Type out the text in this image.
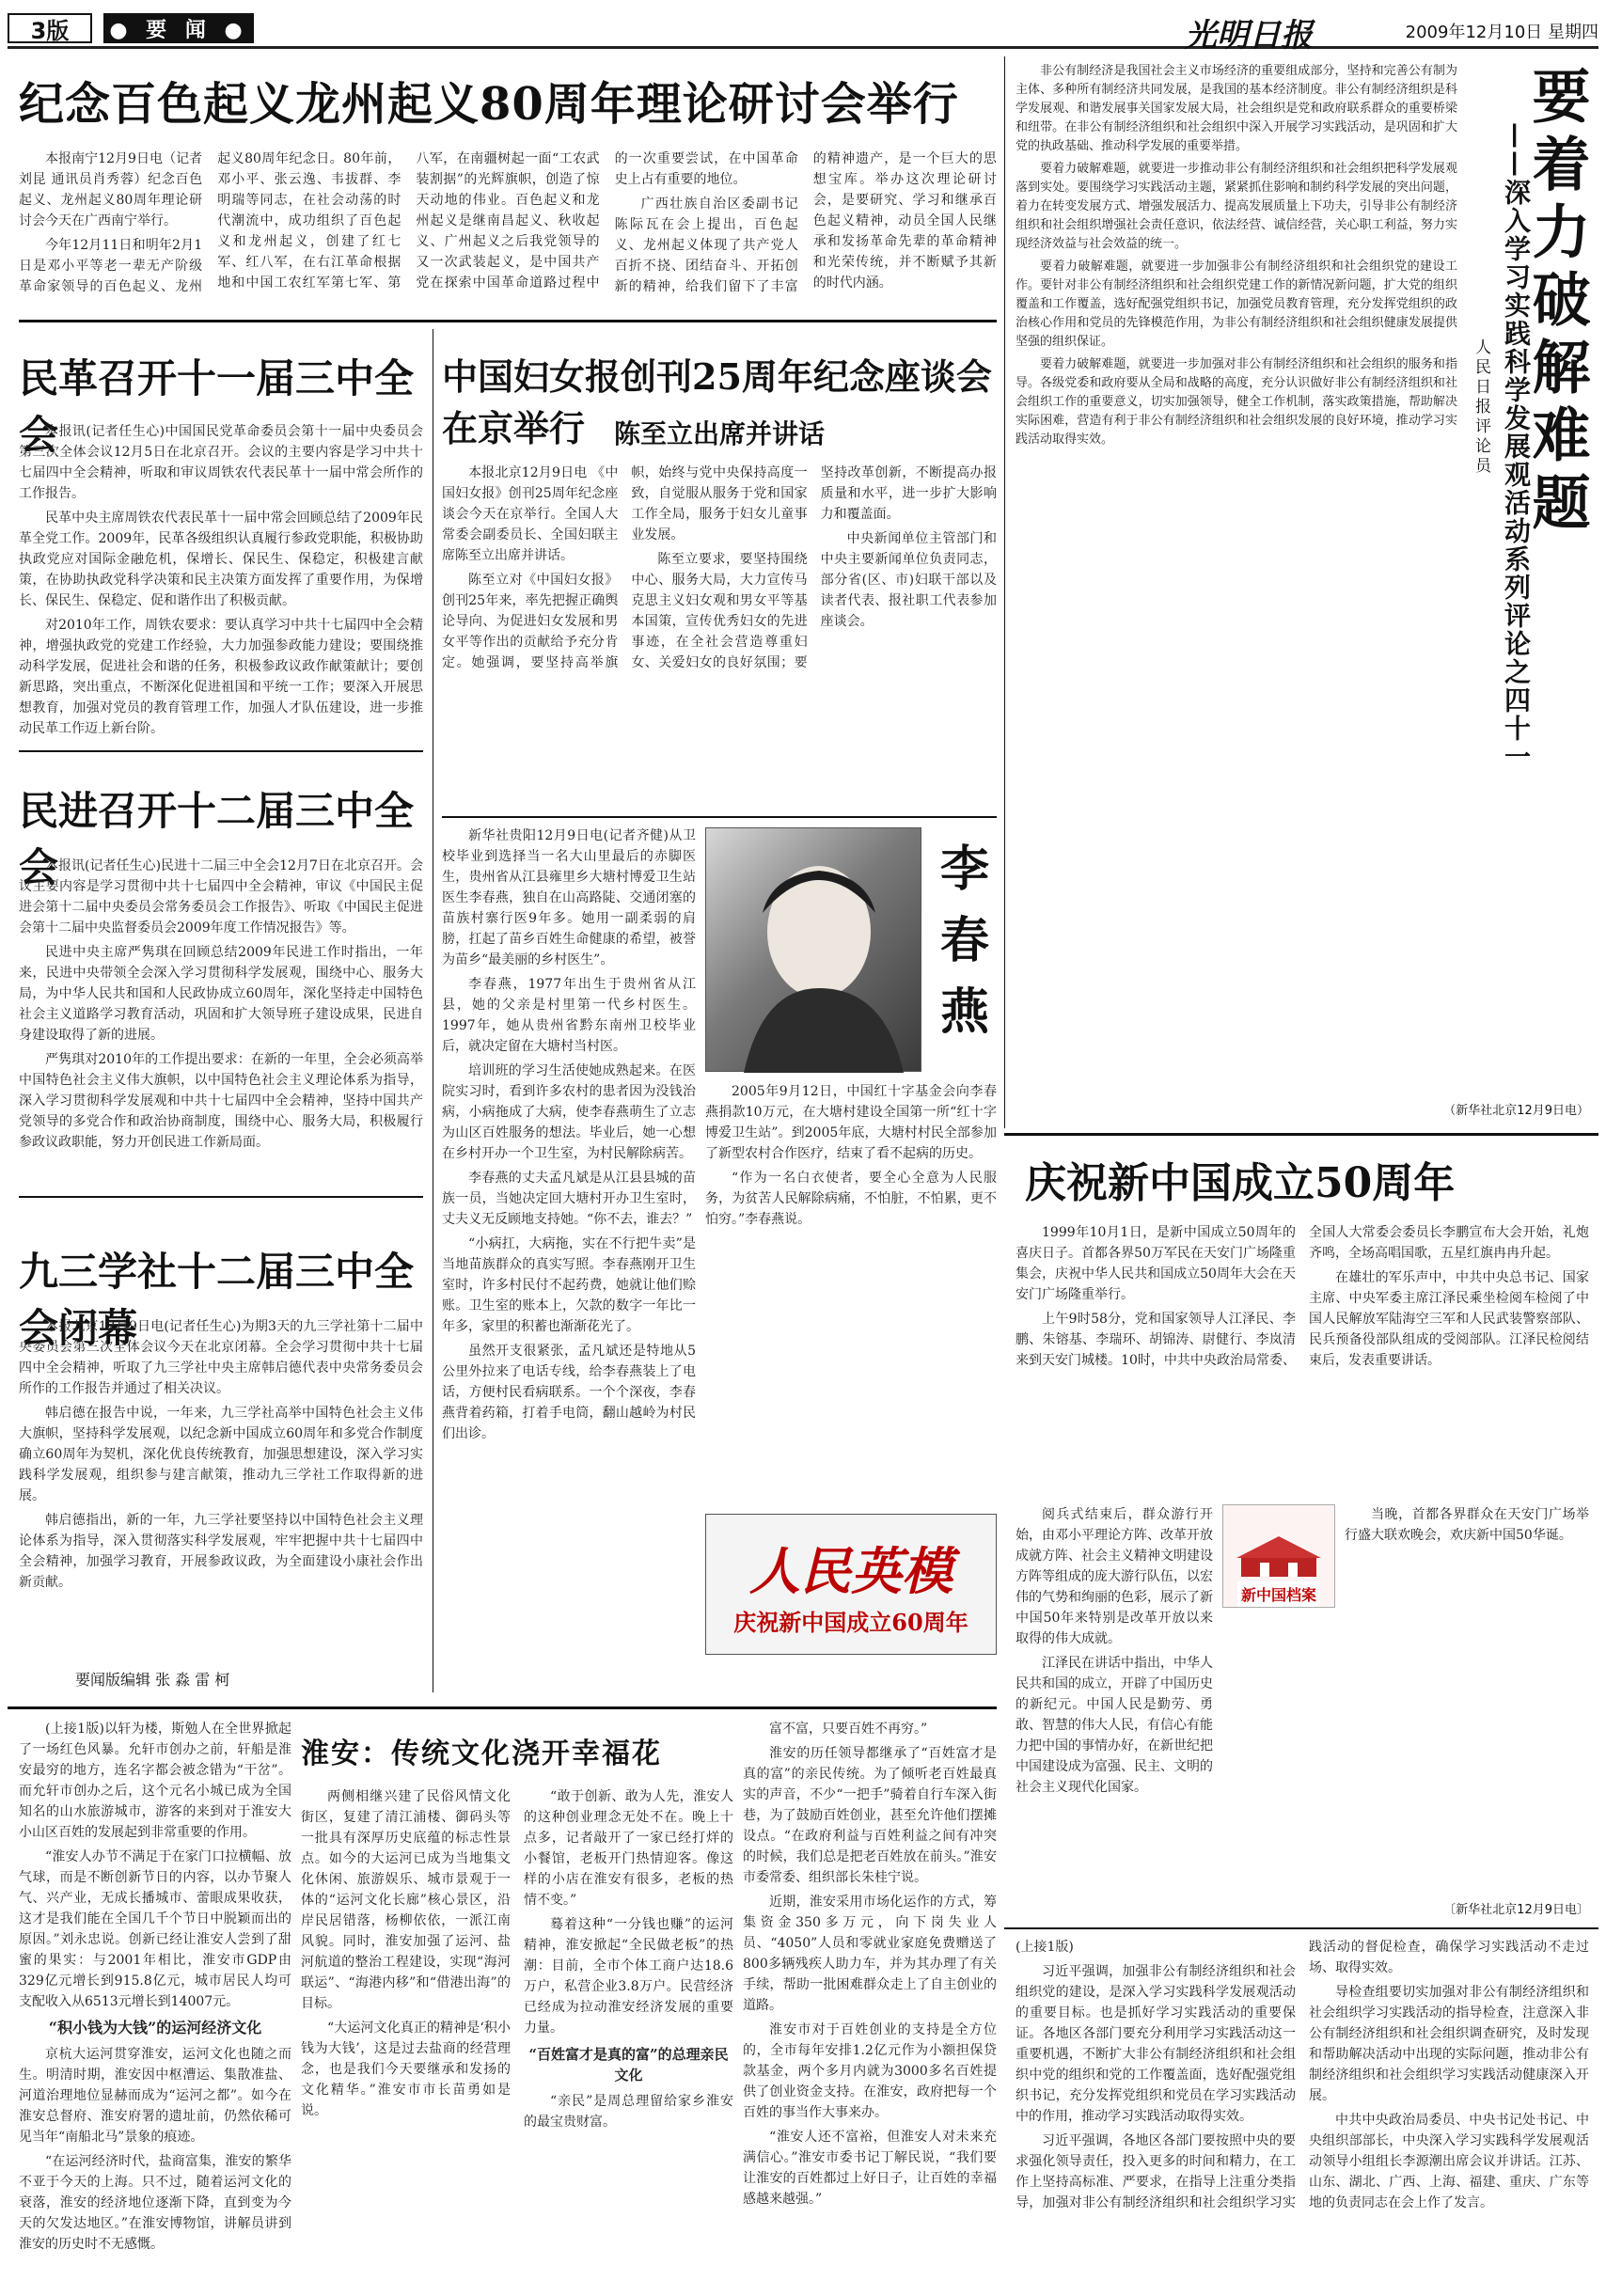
3版	● 要 闻 ●	光明日报	2009年12月10日 星期四
纪念百色起义龙州起义80周年理论研讨会举行

本报南宁12月9日电（记者刘昆 通讯员肖秀蓉）纪念百色起义、龙州起义80周年理论研讨会今天在广西南宁举行。

今年12月11日和明年2月1日是邓小平等老一辈无产阶级革命家领导的百色起义、龙州起义80周年纪念日。80年前，邓小平、张云逸、韦拔群、李明瑞等同志，在社会动荡的时代潮流中，成功组织了百色起义和龙州起义，创建了红七军、红八军，在右江革命根据地和中国工农红军第七军、第八军，在南疆树起一面“工农武装割据”的光辉旗帜，创造了惊天动地的伟业。百色起义和龙州起义是继南昌起义、秋收起义、广州起义之后我党领导的又一次武装起义，是中国共产党在探索中国革命道路过程中的一次重要尝试，在中国革命史上占有重要的地位。

广西壮族自治区委副书记陈际瓦在会上提出，百色起义、龙州起义体现了共产党人百折不挠、团结奋斗、开拓创新的精神，给我们留下了丰富的精神遗产，是一个巨大的思想宝库。举办这次理论研讨会，是要研究、学习和继承百色起义精神，动员全国人民继承和发扬革命先辈的革命精神和光荣传统，并不断赋予其新的时代内涵。

民革召开十一届三中全会

本报讯(记者任生心)中国国民党革命委员会第十一届中央委员会第三次全体会议12月5日在北京召开。会议的主要内容是学习中共十七届四中全会精神，听取和审议周铁农代表民革十一届中常会所作的工作报告。

民革中央主席周铁农代表民革十一届中常会回顾总结了2009年民革全党工作。2009年，民革各级组织认真履行参政党职能，积极协助执政党应对国际金融危机，保增长、保民生、保稳定，积极建言献策，在协助执政党科学决策和民主决策方面发挥了重要作用，为保增长、保民生、保稳定、促和谐作出了积极贡献。

对2010年工作，周铁农要求：要认真学习中共十七届四中全会精神，增强执政党的党建工作经验，大力加强参政能力建设；要围绕推动科学发展，促进社会和谐的任务，积极参政议政作献策献计；要创新思路，突出重点，不断深化促进祖国和平统一工作；要深入开展思想教育，加强对党员的教育管理工作，加强人才队伍建设，进一步推动民革工作迈上新台阶。

民进召开十二届三中全会

本报讯(记者任生心)民进十二届三中全会12月7日在北京召开。会议主要内容是学习贯彻中共十七届四中全会精神，审议《中国民主促进会第十二届中央委员会常务委员会工作报告》、听取《中国民主促进会第十二届中央监督委员会2009年度工作情况报告》等。

民进中央主席严隽琪在回顾总结2009年民进工作时指出，一年来，民进中央带领全会深入学习贯彻科学发展观，围绕中心、服务大局，为中华人民共和国和人民政协成立60周年，深化坚持走中国特色社会主义道路学习教育活动，巩固和扩大领导班子建设成果，民进自身建设取得了新的进展。

严隽琪对2010年的工作提出要求：在新的一年里，全会必须高举中国特色社会主义伟大旗帜，以中国特色社会主义理论体系为指导，深入学习贯彻科学发展观和中共十七届四中全会精神，坚持中国共产党领导的多党合作和政治协商制度，围绕中心、服务大局，积极履行参政议政职能，努力开创民进工作新局面。

九三学社十二届三中全会闭幕

本报北京12月9日电(记者任生心)为期3天的九三学社第十二届中央委员会第三次全体会议今天在北京闭幕。全会学习贯彻中共十七届四中全会精神，听取了九三学社中央主席韩启德代表中央常务委员会所作的工作报告并通过了相关决议。

韩启德在报告中说，一年来，九三学社高举中国特色社会主义伟大旗帜，坚持科学发展观，以纪念新中国成立60周年和多党合作制度确立60周年为契机，深化优良传统教育，加强思想建设，深入学习实践科学发展观，组织参与建言献策，推动九三学社工作取得新的进展。

韩启德指出，新的一年，九三学社要坚持以中国特色社会主义理论体系为指导，深入贯彻落实科学发展观，牢牢把握中共十七届四中全会精神，加强学习教育，开展参政议政，为全面建设小康社会作出新贡献。

要闻版编辑 张 淼 雷 柯
中国妇女报创刊25周年纪念座谈会在京举行	陈至立出席并讲话

本报北京12月9日电 《中国妇女报》创刊25周年纪念座谈会今天在京举行。全国人大常委会副委员长、全国妇联主席陈至立出席并讲话。

陈至立对《中国妇女报》创刊25年来，率先把握正确舆论导向、为促进妇女发展和男女平等作出的贡献给予充分肯定。她强调，要坚持高举旗帜，始终与党中央保持高度一致，自觉服从服务于党和国家工作全局，服务于妇女儿童事业发展。

陈至立要求，要坚持围绕中心、服务大局，大力宣传马克思主义妇女观和男女平等基本国策，宣传优秀妇女的先进事迹，在全社会营造尊重妇女、关爱妇女的良好氛围；要坚持改革创新，不断提高办报质量和水平，进一步扩大影响力和覆盖面。

中央新闻单位主管部门和中央主要新闻单位负责同志，部分省(区、市)妇联干部以及读者代表、报社职工代表参加座谈会。

新华社贵阳12月9日电(记者齐健)从卫校毕业到选择当一名大山里最后的赤脚医生，贵州省从江县雍里乡大塘村博爱卫生站医生李春燕，独自在山高路陡、交通闭塞的苗族村寨行医9年多。她用一副柔弱的肩膀，扛起了苗乡百姓生命健康的希望，被誉为苗乡“最美丽的乡村医生”。

李春燕，1977年出生于贵州省从江县，她的父亲是村里第一代乡村医生。1997年，她从贵州省黔东南州卫校毕业后，就决定留在大塘村当村医。

培训班的学习生活使她成熟起来。在医院实习时，看到许多农村的患者因为没钱治病，小病拖成了大病，使李春燕萌生了立志为山区百姓服务的想法。毕业后，她一心想在乡村开办一个卫生室，为村民解除病苦。

李春燕的丈夫孟凡斌是从江县县城的苗族一员，当她决定回大塘村开办卫生室时，丈夫义无反顾地支持她。“你不去，谁去？”

“小病扛，大病拖，实在不行把牛卖”是当地苗族群众的真实写照。李春燕刚开卫生室时，许多村民付不起药费，她就让他们赊账。卫生室的账本上，欠款的数字一年比一年多，家里的积蓄也渐渐花光了。

虽然开支很紧张，孟凡斌还是特地从5公里外拉来了电话专线，给李春燕装上了电话，方便村民看病联系。一个个深夜，李春燕背着药箱，打着手电筒，翻山越岭为村民们出诊。

李春燕

2005年9月12日，中国红十字基金会向李春燕捐款10万元，在大塘村建设全国第一所“红十字博爱卫生站”。到2005年底，大塘村村民全部参加了新型农村合作医疗，结束了看不起病的历史。

“作为一名白衣使者，要全心全意为人民服务，为贫苦人民解除病痛，不怕脏，不怕累，更不怕穷。”李春燕说。

人民英模
庆祝新中国成立60周年

非公有制经济是我国社会主义市场经济的重要组成部分，坚持和完善公有制为主体、多种所有制经济共同发展，是我国的基本经济制度。非公有制经济组织是科学发展观、和谐发展事关国家发展大局，社会组织是党和政府联系群众的重要桥梁和纽带。在非公有制经济组织和社会组织中深入开展学习实践活动，是巩固和扩大党的执政基础、推动科学发展的重要举措。

要着力破解难题，就要进一步推动非公有制经济组织和社会组织把科学发展观落到实处。要围绕学习实践活动主题，紧紧抓住影响和制约科学发展的突出问题，着力在转变发展方式、增强发展活力、提高发展质量上下功夫，引导非公有制经济组织和社会组织增强社会责任意识，依法经营、诚信经营，关心职工利益，努力实现经济效益与社会效益的统一。

要着力破解难题，就要进一步加强非公有制经济组织和社会组织党的建设工作。要针对非公有制经济组织和社会组织党建工作的新情况新问题，扩大党的组织覆盖和工作覆盖，选好配强党组织书记，加强党员教育管理，充分发挥党组织的政治核心作用和党员的先锋模范作用，为非公有制经济组织和社会组织健康发展提供坚强的组织保证。

要着力破解难题，就要进一步加强对非公有制经济组织和社会组织的服务和指导。各级党委和政府要从全局和战略的高度，充分认识做好非公有制经济组织和社会组织工作的重要意义，切实加强领导，健全工作机制，落实政策措施，帮助解决实际困难，营造有利于非公有制经济组织和社会组织发展的良好环境，推动学习实践活动取得实效。

（新华社北京12月9日电）
人民日报评论员 ——深入学习实践科学发展观活动系列评论之四十一
要着力破解难题
庆祝新中国成立50周年

1999年10月1日，是新中国成立50周年的喜庆日子。首都各界50万军民在天安门广场隆重集会，庆祝中华人民共和国成立50周年大会在天安门广场隆重举行。

上午9时58分，党和国家领导人江泽民、李鹏、朱镕基、李瑞环、胡锦涛、尉健行、李岚清来到天安门城楼。10时，中共中央政治局常委、全国人大常委会委员长李鹏宣布大会开始，礼炮齐鸣，全场高唱国歌，五星红旗冉冉升起。

在雄壮的军乐声中，中共中央总书记、国家主席、中央军委主席江泽民乘坐检阅车检阅了中国人民解放军陆海空三军和人民武装警察部队、民兵预备役部队组成的受阅部队。江泽民检阅结束后，发表重要讲话。

新中国档案

阅兵式结束后，群众游行开始，由邓小平理论方阵、改革开放成就方阵、社会主义精神文明建设方阵等组成的庞大游行队伍，以宏伟的气势和绚丽的色彩，展示了新中国50年来特别是改革开放以来取得的伟大成就。

江泽民在讲话中指出，中华人民共和国的成立，开辟了中国历史的新纪元。中国人民是勤劳、勇敢、智慧的伟大人民，有信心有能力把中国的事情办好，在新世纪把中国建设成为富强、民主、文明的社会主义现代化国家。

当晚，首都各界群众在天安门广场举行盛大联欢晚会，欢庆新中国50华诞。

〔新华社北京12月9日电〕

(上接1版)以轩为楼，斯勉人在全世界掀起了一场红色风暴。允轩市创办之前，轩船是淮安最穷的地方，连名字都会被念错为“干岔”。而允轩市创办之后，这个元名小城已成为全国知名的山水旅游城市，游客的来到对于淮安大小山区百姓的发展起到非常重要的作用。

“淮安人办节不满足于在家门口拉横幅、放气球，而是不断创新节日的内容，以办节聚人气、兴产业，无成长播城市、蕾眼成果收获，这才是我们能在全国几千个节日中脱颖而出的原因。”刘永忠说。创新已经让淮安人尝到了甜蜜的果实：与2001年相比，淮安市GDP由329亿元增长到915.8亿元，城市居民人均可支配收入从6513元增长到14007元。

“积小钱为大钱”的运河经济文化

京杭大运河贯穿淮安，运河文化也随之而生。明清时期，淮安因中枢漕运、集散准盐、河道治理地位显赫而成为“运河之都”。如今在淮安总督府、淮安府署的遗址前，仍然依稀可见当年“南船北马”景象的痕迹。

“在运河经济时代，盐商富集，淮安的繁华不亚于今天的上海。只不过，随着运河文化的衰落，淮安的经济地位逐渐下降，直到变为今天的欠发达地区。”在淮安博物馆，讲解员讲到淮安的历史时不无感慨。

淮安：传统文化浇开幸福花

两侧相继兴建了民俗风情文化街区，复建了清江浦楼、御码头等一批具有深厚历史底蕴的标志性景点。如今的大运河已成为当地集文化休闲、旅游娱乐、城市景观于一体的“运河文化长廊”核心景区，沿岸民居错落，杨柳依依，一派江南风貌。同时，淮安加强了运河、盐河航道的整治工程建设，实现“海河联运”、“海港内移”和“借港出海”的目标。

“大运河文化真正的精神是‘积小钱为大钱’，这是过去盐商的经营理念，也是我们今天要继承和发扬的文化精华。”淮安市市长苗勇如是说。

“敢于创新、敢为人先，淮安人的这种创业理念无处不在。晚上十点多，记者敲开了一家已经打烊的小餐馆，老板开门热情迎客。像这样的小店在淮安有很多，老板的热情不变。”

蓦着这种“一分钱也赚”的运河精神，淮安掀起“全民做老板”的热潮：目前，全市个体工商户达18.6万户，私营企业3.8万户。民营经济已经成为拉动淮安经济发展的重要力量。

“百姓富才是真的富”的总理亲民文化

“亲民”是周总理留给家乡淮安的最宝贵财富。

富不富，只要百姓不再穷。”

淮安的历任领导都继承了“百姓富才是真的富”的亲民传统。为了倾听老百姓最真实的声音，不少“一把手”骑着自行车深入街巷，为了鼓励百姓创业，甚至允许他们摆摊设点。“在政府利益与百姓利益之间有冲突的时候，我们总是把老百姓放在前头。”淮安市委常委、组织部长朱桂宁说。

近期，淮安采用市场化运作的方式，筹集资金350多万元，向下岗失业人员、“4050”人员和零就业家庭免费赠送了800多辆残疾人助力车，并为其办理了有关手续，帮助一批困难群众走上了自主创业的道路。

淮安市对于百姓创业的支持是全方位的，全市每年安排1.2亿元作为小额担保贷款基金，两个多月内就为3000多名百姓提供了创业资金支持。在淮安，政府把每一个百姓的事当作大事来办。

“淮安人还不富裕，但淮安人对未来充满信心。”淮安市委书记丁解民说，“我们要让淮安的百姓都过上好日子，让百姓的幸福感越来越强。”

(上接1版)

习近平强调，加强非公有制经济组织和社会组织党的建设，是深入学习实践科学发展观活动的重要目标。也是抓好学习实践活动的重要保证。各地区各部门要充分利用学习实践活动这一重要机遇，不断扩大非公有制经济组织和社会组织中党的组织和党的工作覆盖面，选好配强党组织书记，充分发挥党组织和党员在学习实践活动中的作用，推动学习实践活动取得实效。

习近平强调，各地区各部门要按照中央的要求强化领导责任，投入更多的时间和精力，在工作上坚持高标准、严要求，在指导上注重分类指导，加强对非公有制经济组织和社会组织学习实践活动的督促检查，确保学习实践活动不走过场、取得实效。

导检查组要切实加强对非公有制经济组织和社会组织学习实践活动的指导检查，注意深入非公有制经济组织和社会组织调查研究，及时发现和帮助解决活动中出现的实际问题，推动非公有制经济组织和社会组织学习实践活动健康深入开展。

中共中央政治局委员、中央书记处书记、中央组织部部长，中央深入学习实践科学发展观活动领导小组组长李源潮出席会议并讲话。江苏、山东、湖北、广西、上海、福建、重庆、广东等地的负责同志在会上作了发言。
